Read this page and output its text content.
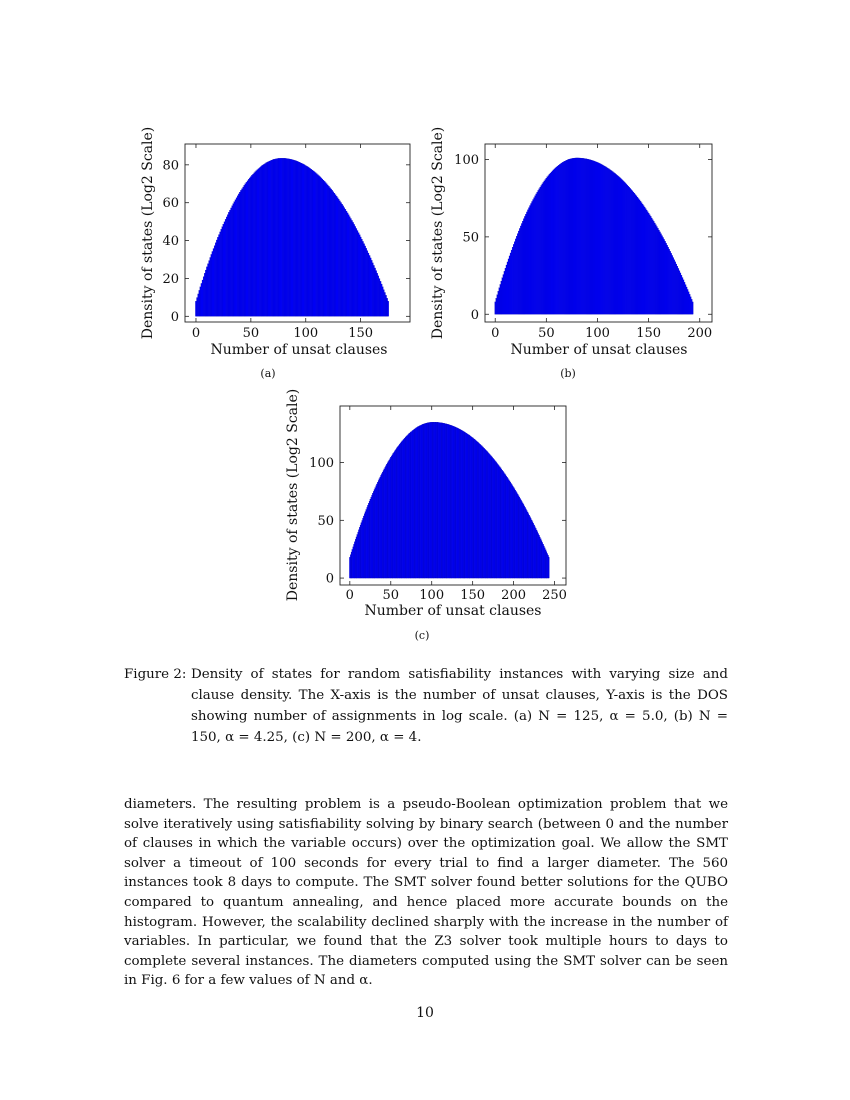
Density of states (Log2 Scale)
Number of unsat clauses
0	50	100 150
0
20
40
60
80
(a)
Density of states (Log2 Scale)
Number of unsat clauses
0	50 100 150 200
0
50
100
(b)
Density of states (Log2 Scale)
Number of unsat clauses
0 50 100 150 200 250
0
50
100
(c)
Figure 2: Density of states for random satisfiability instances with varying size and clause density. The X-axis is the number of unsat clauses, Y-axis is the DOS showing number of assignments in log scale. (a) N = 125, α = 5.0, (b) N = 150, α = 4.25, (c) N = 200, α = 4.
diameters. The resulting problem is a pseudo-Boolean optimization problem that we solve iteratively using satisfiability solving by binary search (between 0 and the number of clauses in which the variable occurs) over the optimization goal. We allow the SMT solver a timeout of 100 seconds for every trial to find a larger diameter. The 560 instances took 8 days to compute. The SMT solver found better solutions for the QUBO compared to quantum annealing, and hence placed more accurate bounds on the histogram. However, the scalability declined sharply with the increase in the number of variables. In particular, we found that the Z3 solver took multiple hours to days to complete several instances. The diameters computed using the SMT solver can be seen in Fig. 6 for a few values of N and α.
10
